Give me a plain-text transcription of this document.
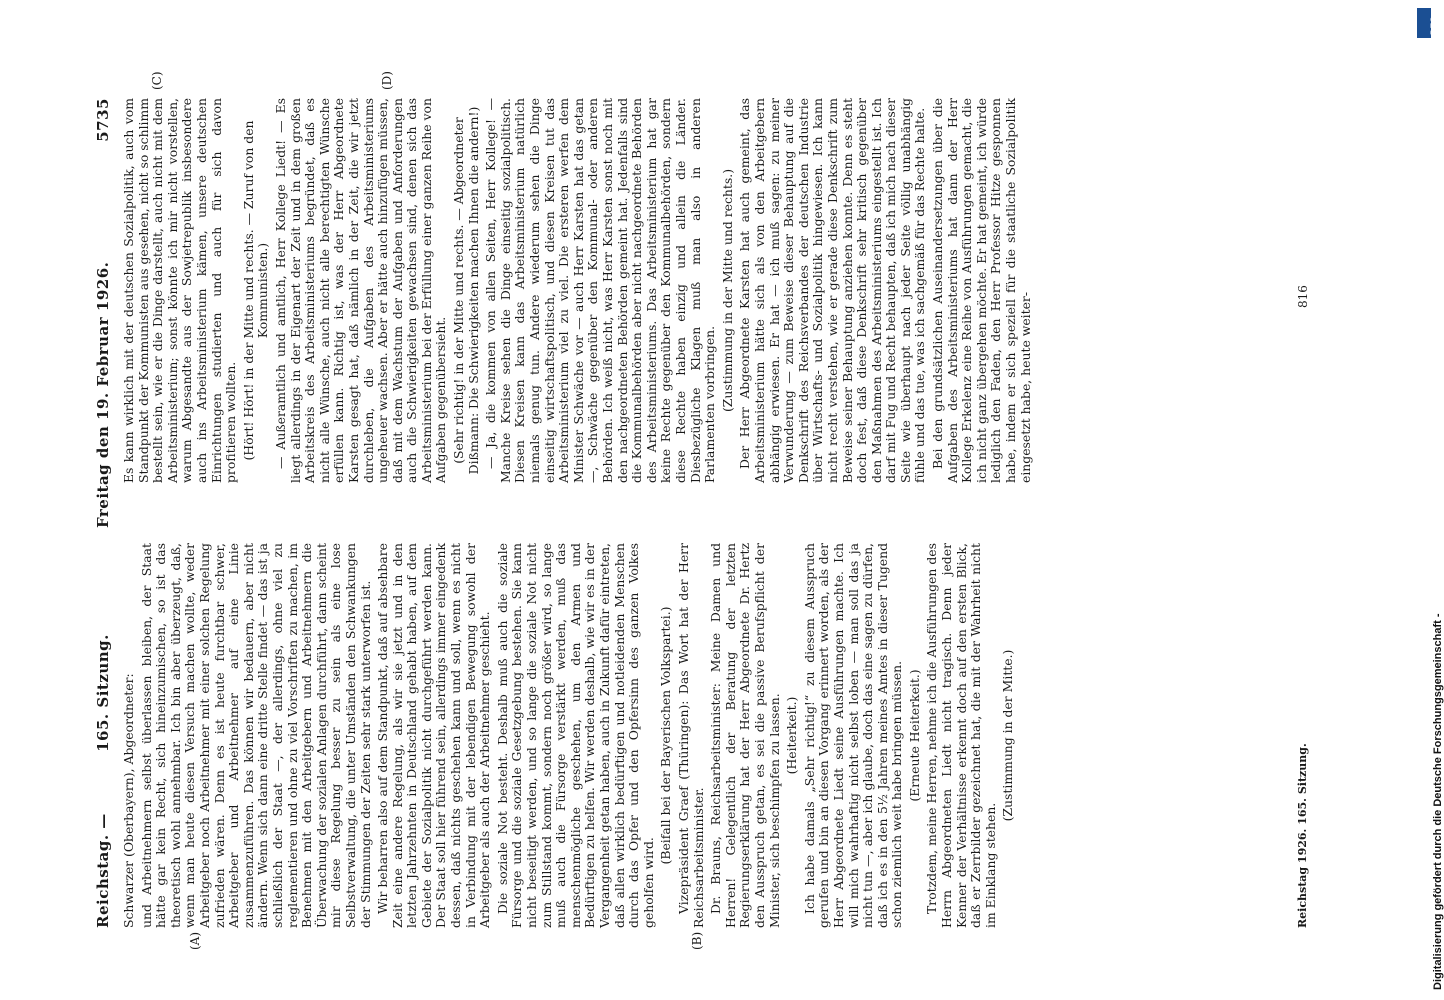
Reichstag. —
165. Sitzung.
Freitag den 19. Februar 1926.
5735
(A)	(B)
(C)	(D)

Schwarzer (Oberbayern), Abgeordneter: und Arbeitnehmern selbst überlassen bleiben, der Staat hätte gar kein Recht, sich hineinzumischen, so ist das theoretisch wohl annehmbar. Ich bin aber überzeugt, daß, wenn man heute diesen Versuch machen wollte, weder Arbeitgeber noch Arbeitnehmer mit einer solchen Regelung zufrieden wären. Denn es ist heute furchtbar schwer, Arbeitgeber und Arbeitnehmer auf eine Linie zusammenzuführen. Das können wir bedauern, aber nicht ändern. Wenn sich dann eine dritte Stelle findet — das ist ja schließlich der Staat —, der allerdings, ohne viel zu reglementieren und ohne zu viel Vorschriften zu machen, im Benehmen mit den Arbeitgebern und Arbeitnehmern die Überwachung der sozialen Anlagen durchführt, dann scheint mir diese Regelung besser zu sein als eine lose Selbstverwaltung, die unter Umständen den Schwankungen der Stimmungen der Zeiten sehr stark unterworfen ist. Wir beharren also auf dem Standpunkt, daß auf absehbare Zeit eine andere Regelung, als wir sie jetzt und in den letzten Jahrzehnten in Deutschland gehabt haben, auf dem Gebiete der Sozialpolitik nicht durchgeführt werden kann. Der Staat soll hier führend sein, allerdings immer eingedenk dessen, daß nichts geschehen kann und soll, wenn es nicht in Verbindung mit der lebendigen Bewegung sowohl der Arbeitgeber als auch der Arbeitnehmer geschieht. Die soziale Not besteht. Deshalb muß auch die soziale Fürsorge und die soziale Gesetzgebung bestehen. Sie kann nicht beseitigt werden, und so lange die soziale Not nicht zum Stillstand kommt, sondern noch größer wird, so lange muß auch die Fürsorge verstärkt werden, muß das menschenmögliche geschehen, um den Armen und Bedürftigen zu helfen. Wir werden deshalb, wie wir es in der Vergangenheit getan haben, auch in Zukunft dafür eintreten, daß allen wirklich bedürftigen und notleidenden Menschen durch das Opfer und den Opfersinn des ganzen Volkes geholfen wird.

(Beifall bei der Bayerischen Volkspartei.) Vizepräsident Graef (Thüringen): Das Wort hat der Herr Reichsarbeitsminister. Dr. Brauns, Reichsarbeitsminister: Meine Damen und Herren! Gelegentlich der Beratung der letzten Regierungserklärung hat der Herr Abgeordnete Dr. Hertz den Ausspruch getan, es sei die passive Berufspflicht der Minister, sich beschimpfen zu lassen. (Heiterkeit.) Ich habe damals „Sehr richtig!“ zu diesem Ausspruch gerufen und bin an diesen Vorgang erinnert worden, als der Herr Abgeordnete Liedt seine Ausführungen machte. Ich will mich wahrhaftig nicht selbst loben — man soll das ja nicht tun —, aber ich glaube, doch das eine sagen zu dürfen, daß ich es in den 5½ Jahren meines Amtes in dieser Tugend schon ziemlich weit habe bringen müssen. (Erneute Heiterkeit.) Trotzdem, meine Herren, nehme ich die Ausführungen des Herrn Abgeordneten Liedt nicht tragisch. Denn jeder Kenner der Verhältnisse erkennt doch auf den ersten Blick, daß er Zerrbilder gezeichnet hat, die mit der Wahrheit nicht im Einklang stehen.

(Zustimmung in der Mitte.)

Es kann wirklich mit der deutschen Sozialpolitik, auch vom Standpunkt der Kommunisten aus gesehen, nicht so schlimm bestellt sein, wie er die Dinge darstellt, auch nicht mit dem Arbeitsministerium; sonst könnte ich mir nicht vorstellen, warum Abgesandte aus der Sowjetrepublik insbesondere auch ins Arbeitsministerium kämen, unsere deutschen Einrichtungen studierten und auch für sich davon profitieren wollten. (Hört! Hört! in der Mitte und rechts. — Zuruf von den Kommunisten.) — Außeramtlich und amtlich, Herr Kollege Liedt! — Es liegt allerdings in der Eigenart der Zeit und in dem großen Arbeitskreis des Arbeitsministeriums begründet, daß es nicht alle Wünsche, auch nicht alle berechtigten Wünsche erfüllen kann. Richtig ist, was der Herr Abgeordnete Karsten gesagt hat, daß nämlich in der Zeit, die wir jetzt durchleben, die Aufgaben des Arbeitsministeriums ungeheuer wachsen. Aber er hätte auch hinzufügen müssen, daß mit dem Wachstum der Aufgaben und Anforderungen auch die Schwierigkeiten gewachsen sind, denen sich das Arbeitsministerium bei der Erfüllung einer ganzen Reihe von Aufgaben gegenübersieht. (Sehr richtig! in der Mitte und rechts. — Abgeordneter Dißmann: Die Schwierigkeiten machen Ihnen die andern!) — Ja, die kommen von allen Seiten, Herr Kollege! — Manche Kreise sehen die Dinge einseitig sozialpolitisch. Diesen Kreisen kann das Arbeitsministerium natürlich niemals genug tun. Andere wiederum sehen die Dinge einseitig wirtschaftspolitisch, und diesen Kreisen tut das Arbeitsministerium viel zu viel. Die ersteren werfen dem Minister Schwäche vor — auch Herr Karsten hat das getan —, Schwäche gegenüber den Kommunal- oder anderen Behörden. Ich weiß nicht, was Herr Karsten sonst noch mit den nachgeordneten Behörden gemeint hat. Jedenfalls sind die Kommunalbehörden aber nicht nachgeordnete Behörden des Arbeitsministeriums. Das Arbeitsministerium hat gar keine Rechte gegenüber den Kommunalbehörden, sondern diese Rechte haben einzig und allein die Länder. Diesbezügliche Klagen muß man also in anderen Parlamenten vorbringen. (Zustimmung in der Mitte und rechts.) Der Herr Abgeordnete Karsten hat auch gemeint, das Arbeitsministerium hätte sich als von den Arbeitgebern abhängig erwiesen. Er hat — ich muß sagen: zu meiner Verwunderung — zum Beweise dieser Behauptung auf die Denkschrift des Reichsverbandes der deutschen Industrie über Wirtschafts- und Sozialpolitik hingewiesen. Ich kann nicht recht verstehen, wie er gerade diese Denkschrift zum Beweise seiner Behauptung anziehen konnte. Denn es steht doch fest, daß diese Denkschrift sehr kritisch gegenüber den Maßnahmen des Arbeitsministeriums eingestellt ist. Ich darf mit Fug und Recht behaupten, daß ich mich nach dieser Seite wie überhaupt nach jeder Seite völlig unabhängig fühle und das tue, was ich sachgemäß für das Rechte halte. Bei den grundsätzlichen Auseinandersetzungen über die Aufgaben des Arbeitsministeriums hat dann der Herr Kollege Erkelenz eine Reihe von Ausführungen gemacht, die ich nicht ganz übergehen möchte. Er hat gemeint, ich würde lediglich den Faden, den Herr Professor Hitze gesponnen habe, indem er sich speziell für die staatliche Sozialpolitik eingesetzt habe, heute weiter-

Reichstag 1926. 165. Sitzung.
816
Digitalisierung gefördert durch die Deutsche Forschungsgemeinschaft -
DFG
